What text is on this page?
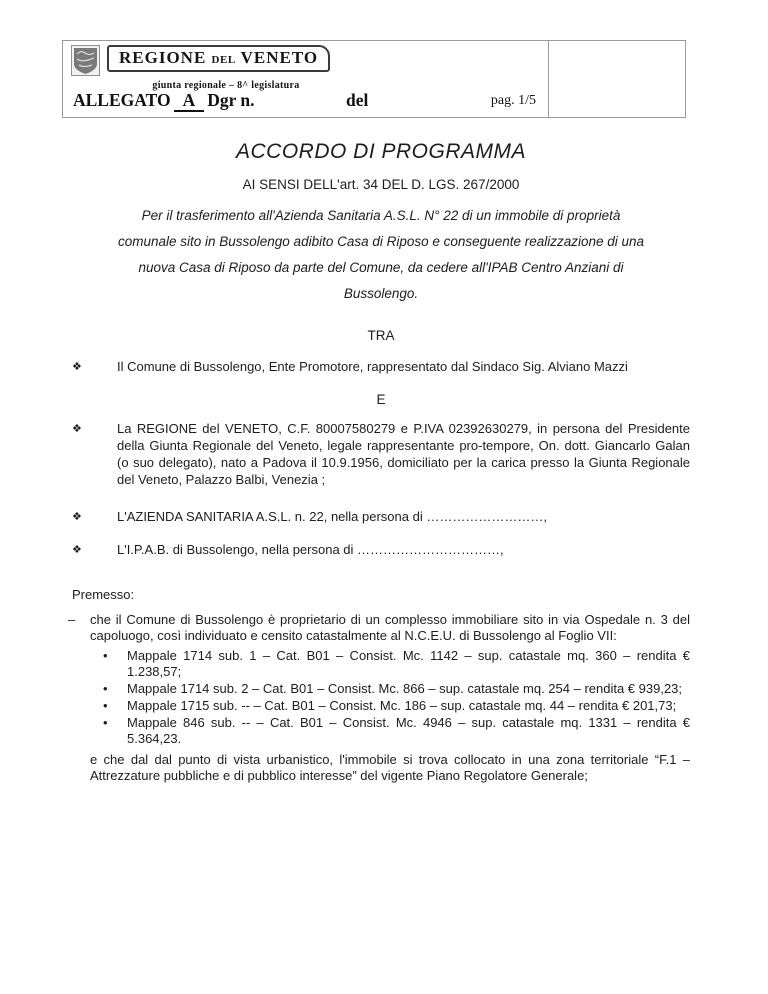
REGIONE DEL VENETO
giunta regionale – 8^ legislatura
ALLEGATO A Dgr n.	del	pag. 1/5
ACCORDO DI PROGRAMMA
AI SENSI DELL'art. 34 DEL D. LGS. 267/2000
Per il trasferimento all'Azienda Sanitaria A.S.L. N° 22 di un immobile di proprietà
comunale sito in Bussolengo adibito Casa di Riposo e conseguente realizzazione di una
nuova Casa di Riposo da parte del Comune, da cedere all'IPAB Centro Anziani di
Bussolengo.
TRA
❖	Il Comune di Bussolengo, Ente Promotore, rappresentato dal Sindaco Sig. Alviano Mazzi
E
❖	La REGIONE del VENETO, C.F. 80007580279 e P.IVA 02392630279, in persona del Presidente della Giunta Regionale del Veneto, legale rappresentante pro-tempore, On. dott. Giancarlo Galan (o suo delegato), nato a Padova il 10.9.1956, domiciliato per la carica presso la Giunta Regionale del Veneto, Palazzo Balbi, Venezia ;
❖	L'AZIENDA SANITARIA A.S.L. n. 22, nella persona di ………………………,
❖	L'I.P.A.B. di Bussolengo, nella persona di ……………………………,
Premesso:
–	che il Comune di Bussolengo è proprietario di un complesso immobiliare sito in via Ospedale n. 3 del capoluogo, così individuato e censito catastalmente al N.C.E.U. di Bussolengo al Foglio VII:
•	Mappale 1714 sub. 1 – Cat. B01 – Consist. Mc. 1142 – sup. catastale mq. 360 – rendita € 1.238,57;
•	Mappale 1714 sub. 2 – Cat. B01 – Consist. Mc. 866 – sup. catastale mq. 254 – rendita € 939,23;
•	Mappale 1715 sub. -- – Cat. B01 – Consist. Mc. 186 – sup. catastale mq. 44 – rendita € 201,73;
•	Mappale 846 sub. -- – Cat. B01 – Consist. Mc. 4946 – sup. catastale mq. 1331 – rendita € 5.364,23.
e che dal dal punto di vista urbanistico, l'immobile si trova collocato in una zona territoriale “F.1 – Attrezzature pubbliche e di pubblico interesse” del vigente Piano Regolatore Generale;
